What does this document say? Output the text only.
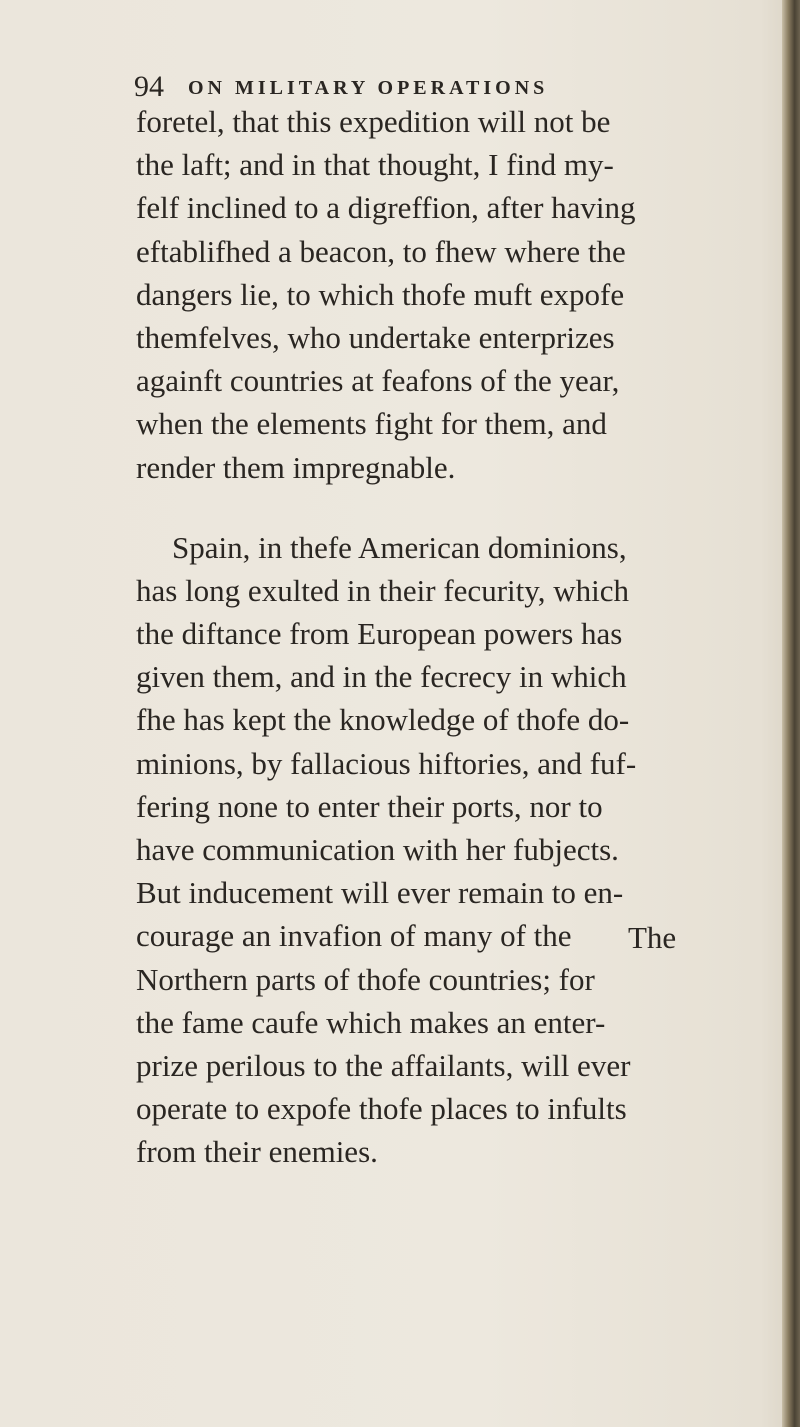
94 ON MILITARY OPERATIONS
foretel, that this expedition will not be
the laft; and in that thought, I find my-
felf inclined to a digreffion, after having
eftablifhed a beacon, to fhew where the
dangers lie, to which thofe muft expofe
themfelves, who undertake enterprizes
againft countries at feafons of the year,
when the elements fight for them, and
render them impregnable.
Spain, in thefe American dominions,
has long exulted in their fecurity, which
the diftance from European powers has
given them, and in the fecrecy in which
fhe has kept the knowledge of thofe do-
minions, by fallacious hiftories, and fuf-
fering none to enter their ports, nor to
have communication with her fubjects.
But inducement will ever remain to en-
courage an invafion of many of the
Northern parts of thofe countries; for
the fame caufe which makes an enter-
prize perilous to the affailants, will ever
operate to expofe thofe places to infults
from their enemies.
The
